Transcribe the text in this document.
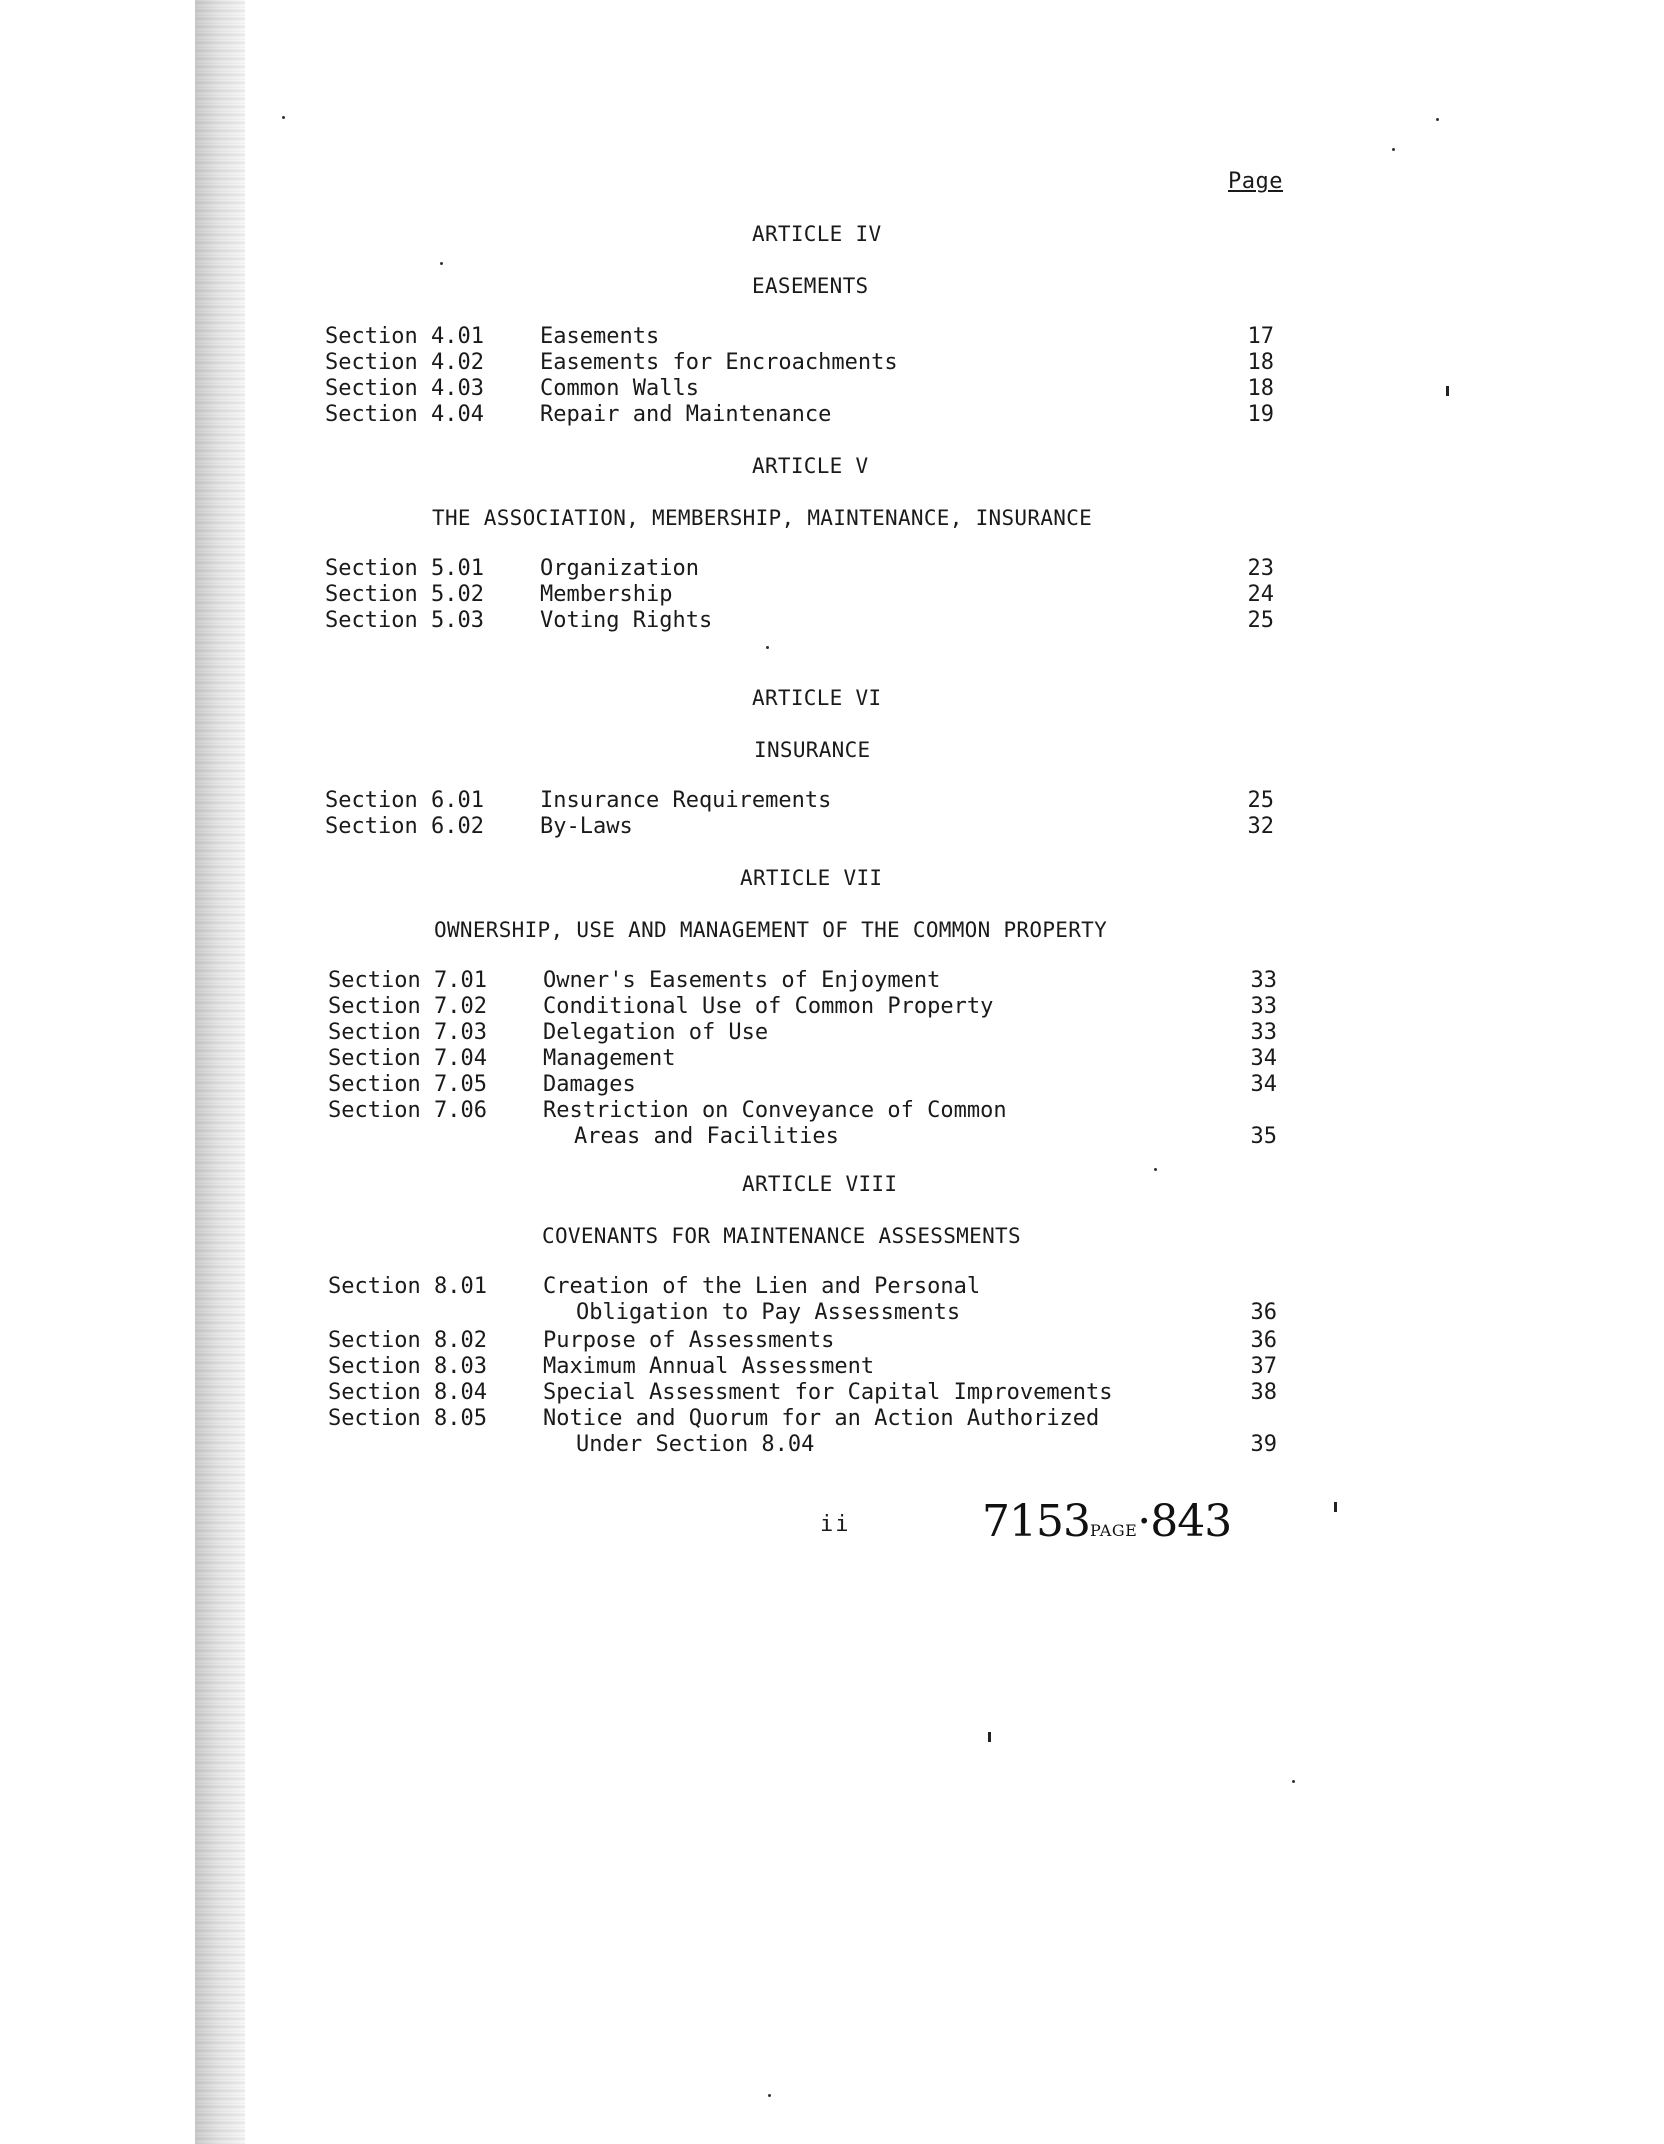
Page
ARTICLE IV
EASEMENTS
Section 4.01	Easements	17
Section 4.02	Easements for Encroachments	18
Section 4.03	Common Walls	18
Section 4.04	Repair and Maintenance	19
ARTICLE V
THE ASSOCIATION, MEMBERSHIP, MAINTENANCE, INSURANCE
Section 5.01	Organization	23
Section 5.02	Membership	24
Section 5.03	Voting Rights	25
ARTICLE VI
INSURANCE
Section 6.01	Insurance Requirements	25
Section 6.02	By-Laws	32
ARTICLE VII
OWNERSHIP, USE AND MANAGEMENT OF THE COMMON PROPERTY
Section 7.01	Owner's Easements of Enjoyment	33
Section 7.02	Conditional Use of Common Property	33
Section 7.03	Delegation of Use	33
Section 7.04	Management	34
Section 7.05	Damages	34
Section 7.06	Restriction on Conveyance of Common
Areas and Facilities	35
ARTICLE VIII
COVENANTS FOR MAINTENANCE ASSESSMENTS
Section 8.01	Creation of the Lien and Personal
Obligation to Pay Assessments	36
Section 8.02	Purpose of Assessments	36
Section 8.03	Maximum Annual Assessment	37
Section 8.04	Special Assessment for Capital Improvements	38
Section 8.05	Notice and Quorum for an Action Authorized
Under Section 8.04	39
ii	7153PAGE·843
